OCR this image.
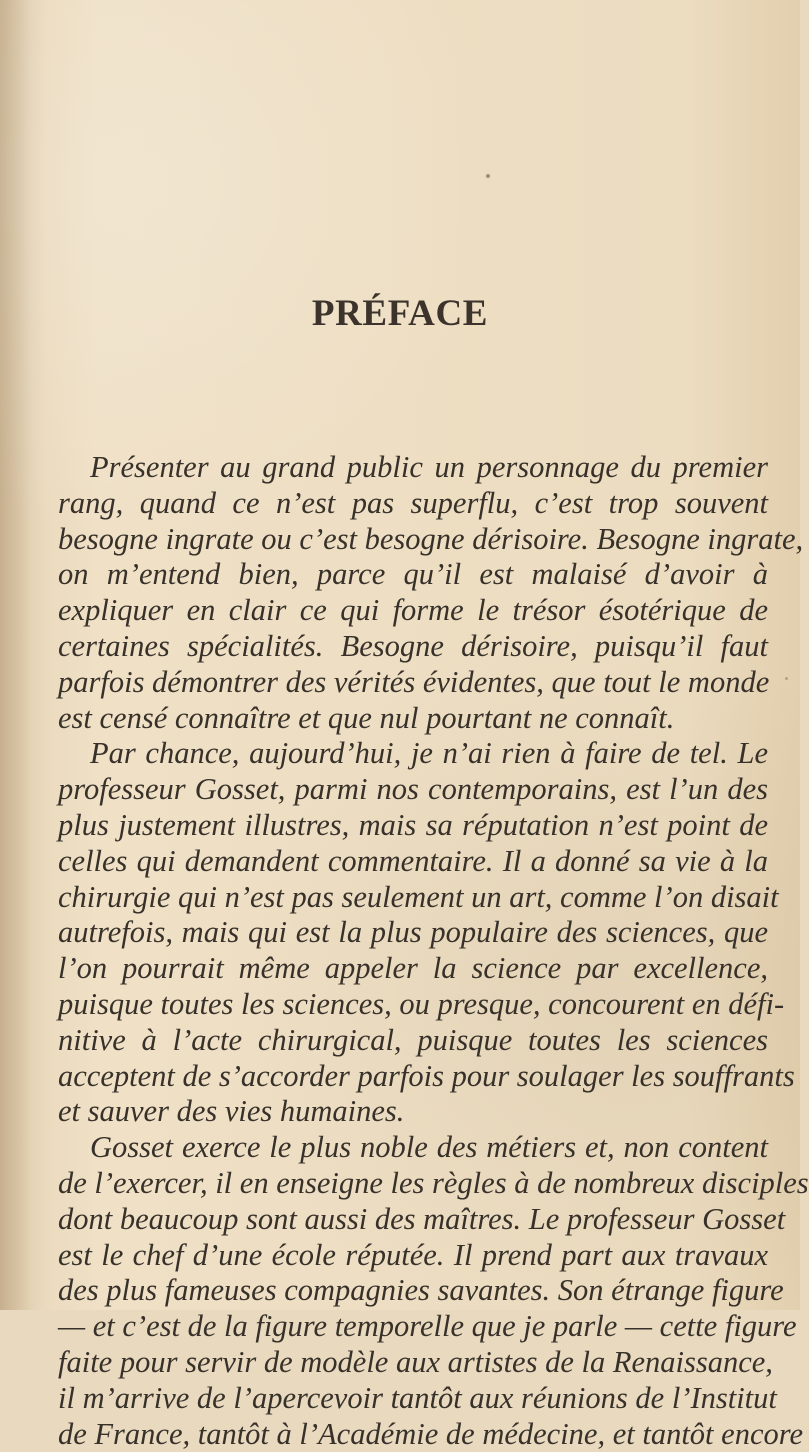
PRÉFACE

Présenter au grand public un personnage du premier
rang, quand ce n’est pas superflu, c’est trop souvent
besogne ingrate ou c’est besogne dérisoire. Besogne ingrate,
on m’entend bien, parce qu’il est malaisé d’avoir à
expliquer en clair ce qui forme le trésor ésotérique de
certaines spécialités. Besogne dérisoire, puisqu’il faut
parfois démontrer des vérités évidentes, que tout le monde
est censé connaître et que nul pourtant ne connaît.

Par chance, aujourd’hui, je n’ai rien à faire de tel. Le
professeur Gosset, parmi nos contemporains, est l’un des
plus justement illustres, mais sa réputation n’est point de
celles qui demandent commentaire. Il a donné sa vie à la
chirurgie qui n’est pas seulement un art, comme l’on disait
autrefois, mais qui est la plus populaire des sciences, que
l’on pourrait même appeler la science par excellence,
puisque toutes les sciences, ou presque, concourent en défi-
nitive à l’acte chirurgical, puisque toutes les sciences
acceptent de s’accorder parfois pour soulager les souffrants
et sauver des vies humaines.

Gosset exerce le plus noble des métiers et, non content
de l’exercer, il en enseigne les règles à de nombreux disciples
dont beaucoup sont aussi des maîtres. Le professeur Gosset
est le chef d’une école réputée. Il prend part aux travaux
des plus fameuses compagnies savantes. Son étrange figure
— et c’est de la figure temporelle que je parle — cette figure
faite pour servir de modèle aux artistes de la Renaissance,
il m’arrive de l’apercevoir tantôt aux réunions de l’Institut
de France, tantôt à l’Académie de médecine, et tantôt encore
